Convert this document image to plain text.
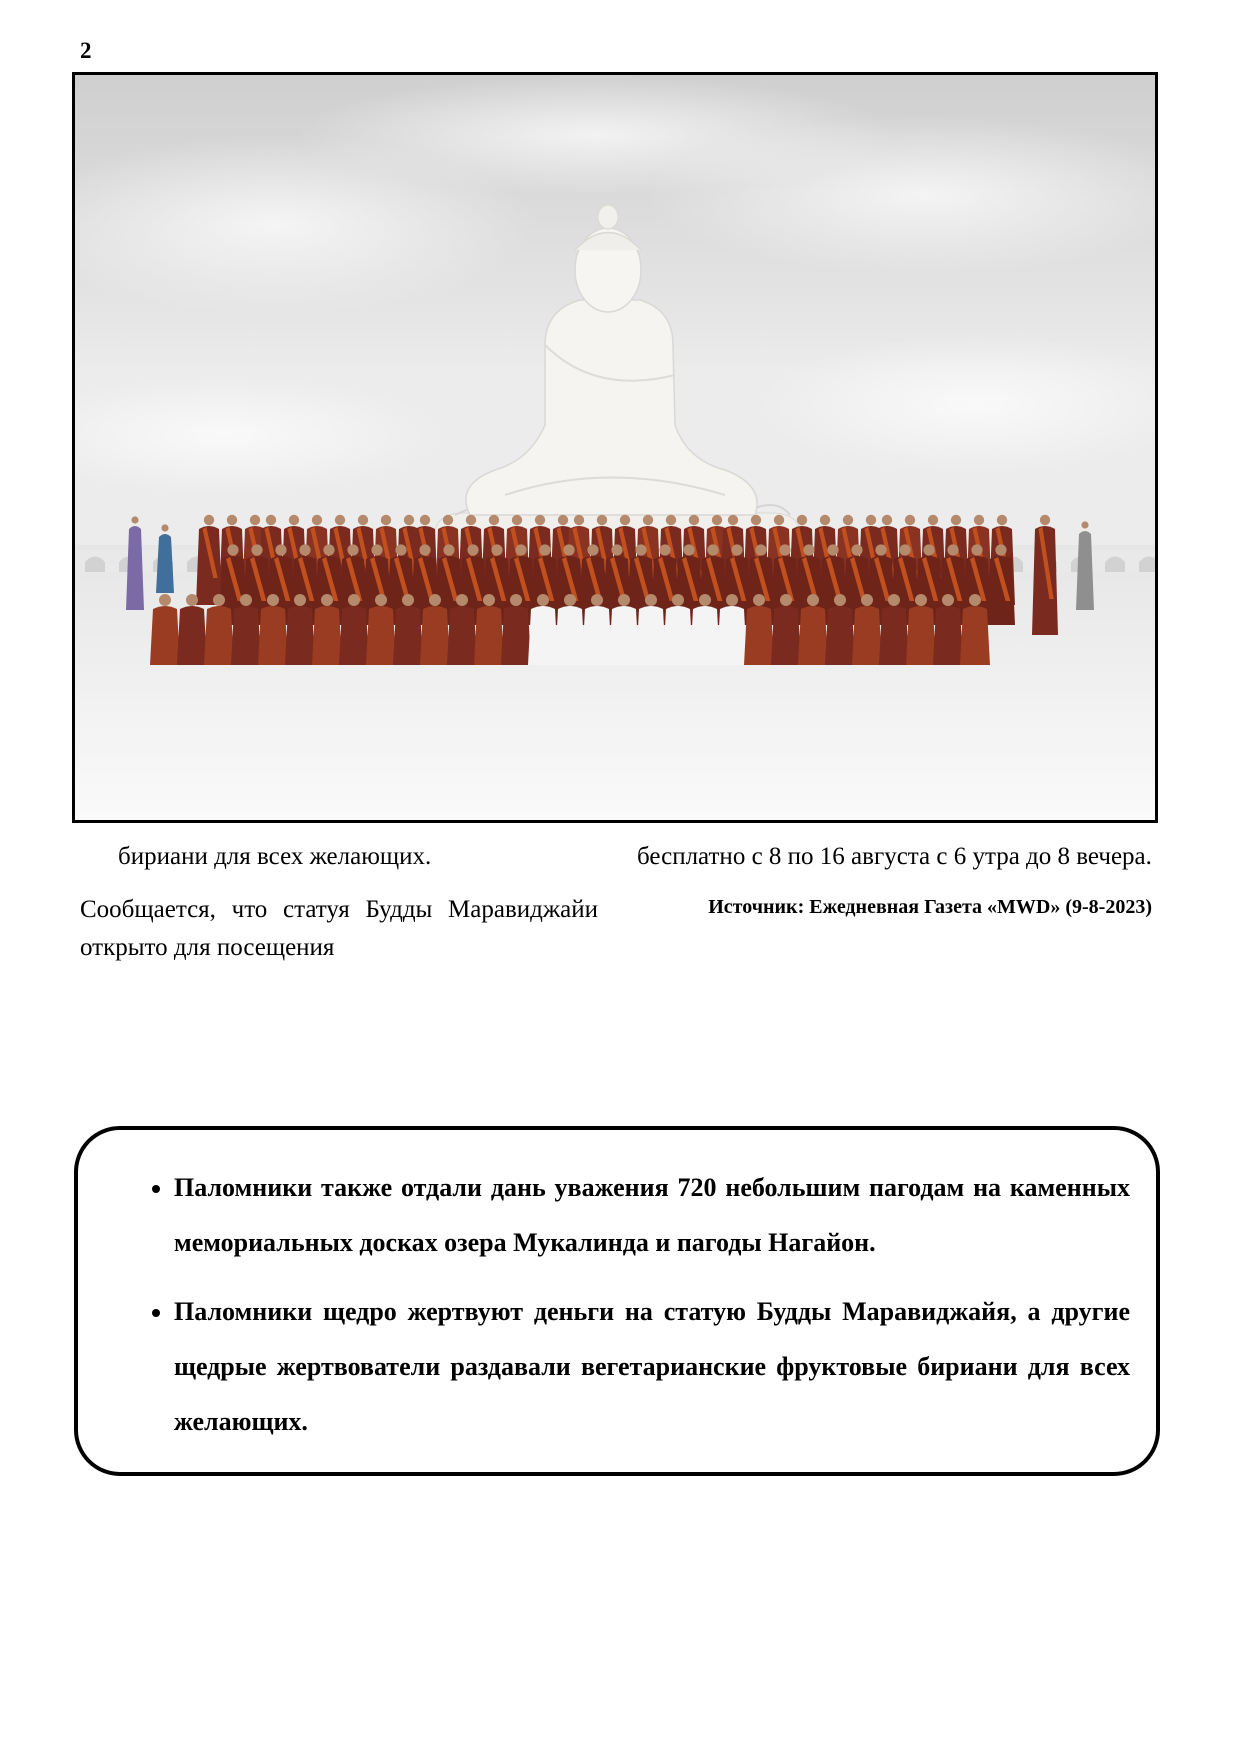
2

бириани для всех желающих.

Сообщается, что статуя Будды Маравиджайи открыто для посещения

бесплатно с 8 по 16 августа с 6 утра до 8 вечера.

Источник: Ежедневная Газета «MWD» (9-8-2023)

• Паломники также отдали дань уважения 720 небольшим пагодам на каменных мемориальных досках озера Мукалинда и пагоды Нагайон.
• Паломники щедро жертвуют деньги на статую Будды Маравиджайя, а другие щедрые жертвователи раздавали вегетарианские фруктовые бириани для всех желающих.
